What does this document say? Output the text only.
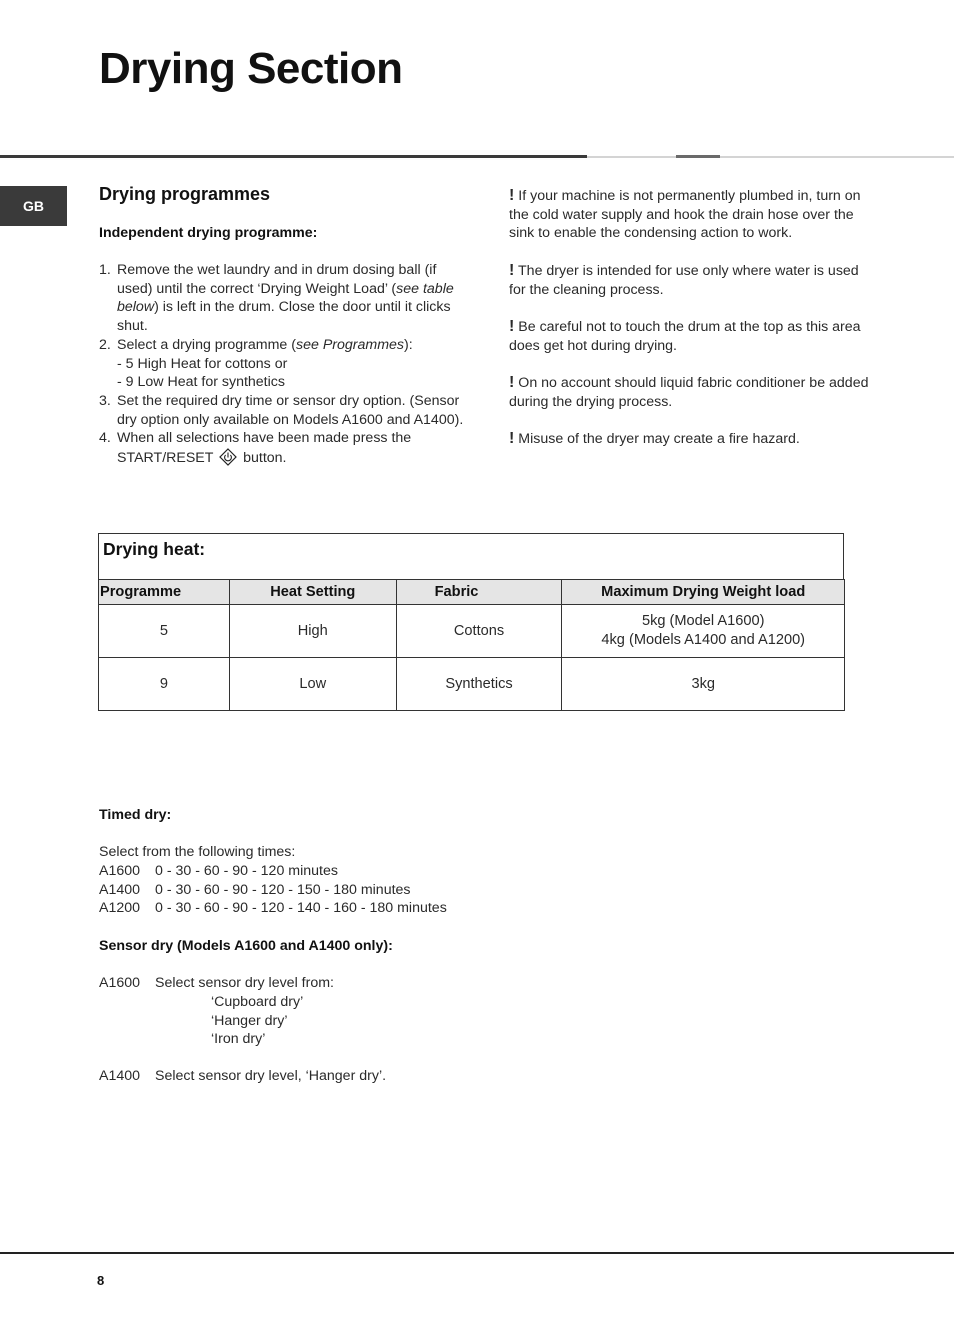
Drying Section
GB
Drying programmes
Independent drying programme:
1. Remove the wet laundry and in drum dosing ball (if used) until the correct ‘Drying Weight Load’ (see table below) is left in the drum. Close the door until it clicks shut.
2. Select a drying programme (see Programmes):
- 5 High Heat for cottons or
- 9 Low Heat for synthetics
3. Set the required dry time or sensor dry option. (Sensor dry option only available on Models A1600 and A1400).
4. When all selections have been made press the START/RESET button.

! If your machine is not permanently plumbed in, turn on the cold water supply and hook the drain hose over the sink to enable the condensing action to work.

! The dryer is intended for use only where water is used for the cleaning process.

! Be careful not to touch the drum at the top as this area does get hot during drying.

! On no account should liquid fabric conditioner be added during the drying process.

! Misuse of the dryer may create a fire hazard.

Drying heat:
Programme	Heat Setting	Fabric	Maximum Drying Weight load
5	High	Cottons	5kg (Model A1600)
4kg (Models A1400 and A1200)

9	Low	Synthetics	3kg
Timed dry:
Select from the following times:
A1600	0 - 30 - 60 - 90 - 120 minutes
A1400	0 - 30 - 60 - 90 - 120 - 150 - 180 minutes
A1200	0 - 30 - 60 - 90 - 120 - 140 - 160 - 180 minutes
Sensor dry (Models A1600 and A1400 only):
A1600	Select sensor dry level from:
‘Cupboard dry’
‘Hanger dry’
‘Iron dry’
A1400	Select sensor dry level, ‘Hanger dry’.
8
